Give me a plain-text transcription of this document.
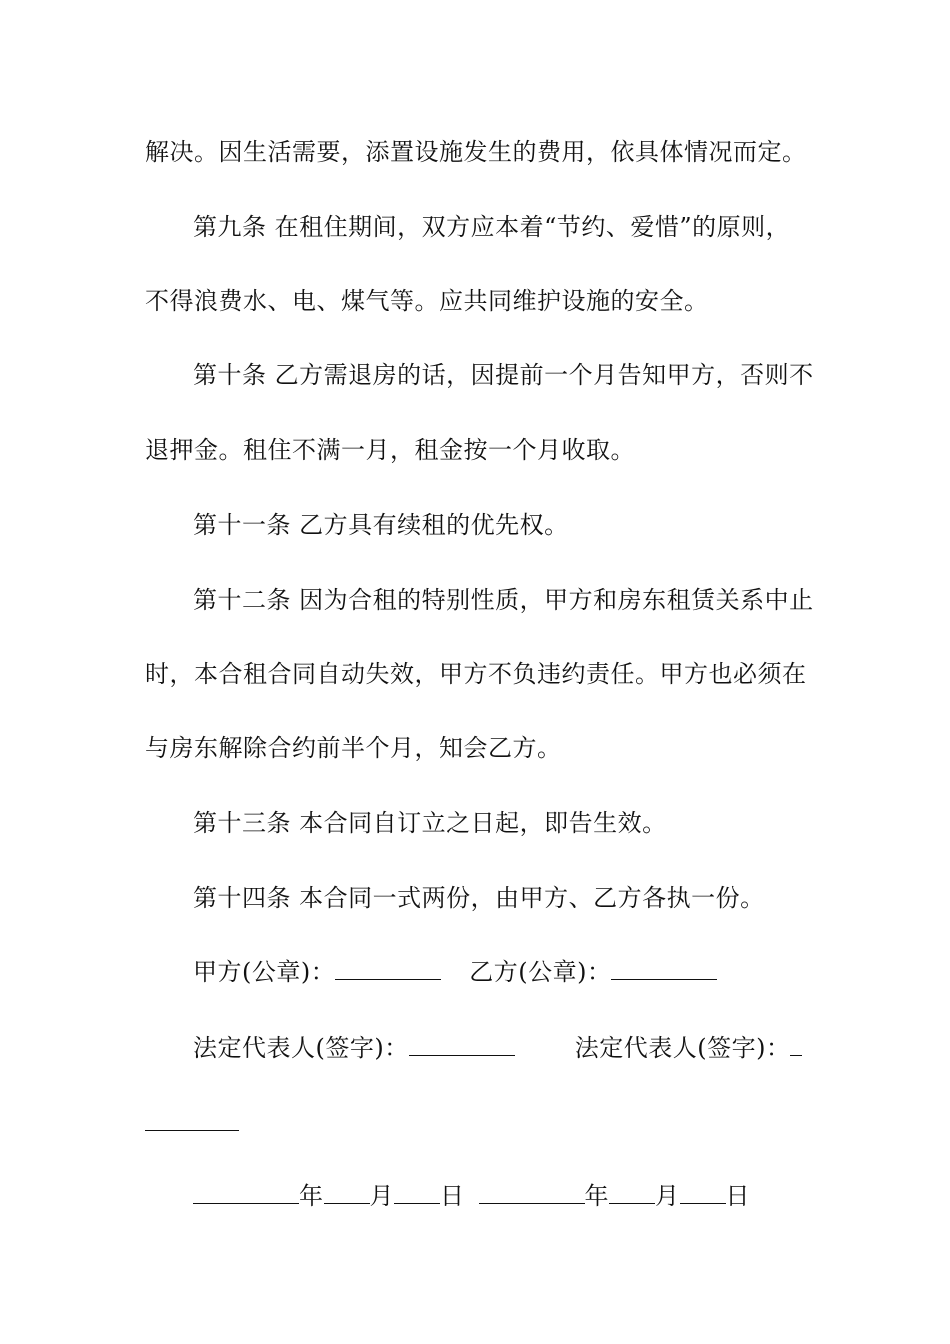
解决。因生活需要，添置设施发生的费用，依具体情况而定。
第九条 在租住期间，双方应本着“节约、爱惜”的原则，
不得浪费水、电、煤气等。应共同维护设施的安全。
第十条 乙方需退房的话，因提前一个月告知甲方，否则不
退押金。租住不满一月，租金按一个月收取。
第十一条 乙方具有续租的优先权。
第十二条 因为合租的特别性质，甲方和房东租赁关系中止
时，本合租合同自动失效，甲方不负违约责任。甲方也必须在
与房东解除合约前半个月，知会乙方。
第十三条 本合同自订立之日起，即告生效。
第十四条 本合同一式两份，由甲方、乙方各执一份。
甲方(公章)：	乙方(公章)：
法定代表人(签字)：	法定代表人(签字)：
年 月 日	年 月 日
